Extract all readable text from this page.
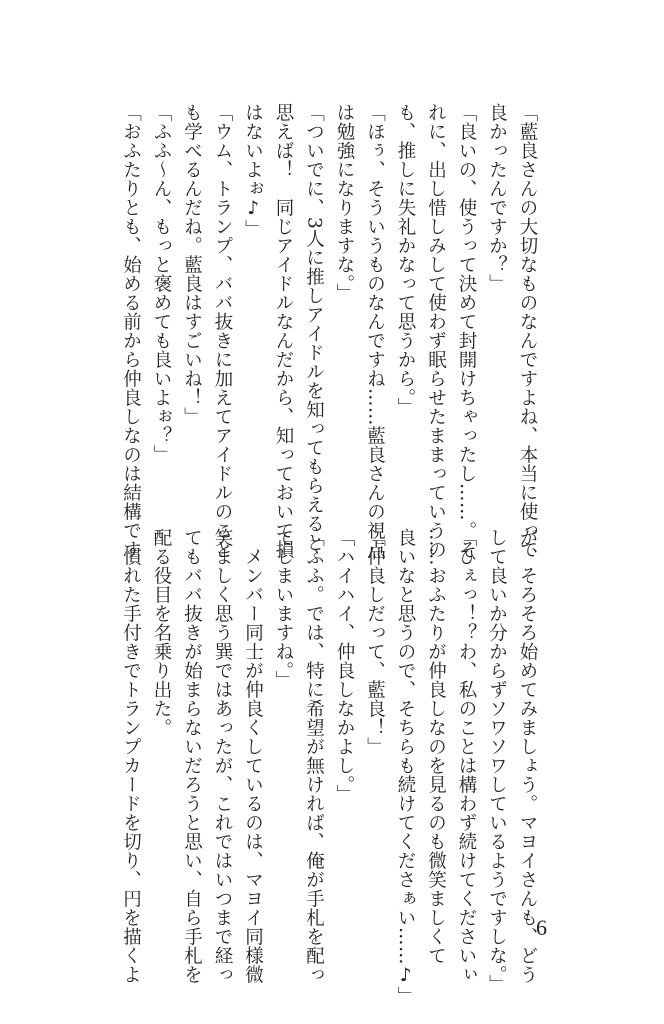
「藍良さんの大切なものなんですよね、本当に使って
良かったんですか？」
「良いの、使うって決めて封開けちゃったし……。そ
れに、出し惜しみして使わず眠らせたままっていうの
も、推しに失礼かなって思うから。」
「ほぅ、そういうものなんですね……藍良さんの視点
は勉強になりますな。」
「ついでに、3人に推しアイドルを知ってもらえると
思えば！　同じアイドルなんだから、知っておいて損
はないよぉ♪」
「ウム、トランプ、ババ抜きに加えてアイドルのこと
も学べるんだね。藍良はすごいね！」
「ふふ〜ん、もっと褒めても良いよぉ？」
「おふたりとも、始める前から仲良しなのは結構です
が、そろそろ始めてみましょう。マヨイさんも、どう
して良いか分からずソワソワしているようですしな。」
「ひぇっ！？わ、私のことは構わず続けてくださいぃ
……おふたりが仲良しなのを見るのも微笑ましくて
良いなと思うので、そちらも続けてくださぁい……♪」
「仲良しだって、藍良！」
「ハイハイ、仲良しなかよし。」
「ふふ。では、特に希望が無ければ、俺が手札を配っ
てしまいますね。」
　メンバー同士が仲良くしているのは、マヨイ同様微
笑ましく思う巽ではあったが、これではいつまで経っ
てもババ抜きが始まらないだろうと思い、自ら手札を
配る役目を名乗り出た。
　慣れた手付きでトランプカードを切り、円を描くよ	6
